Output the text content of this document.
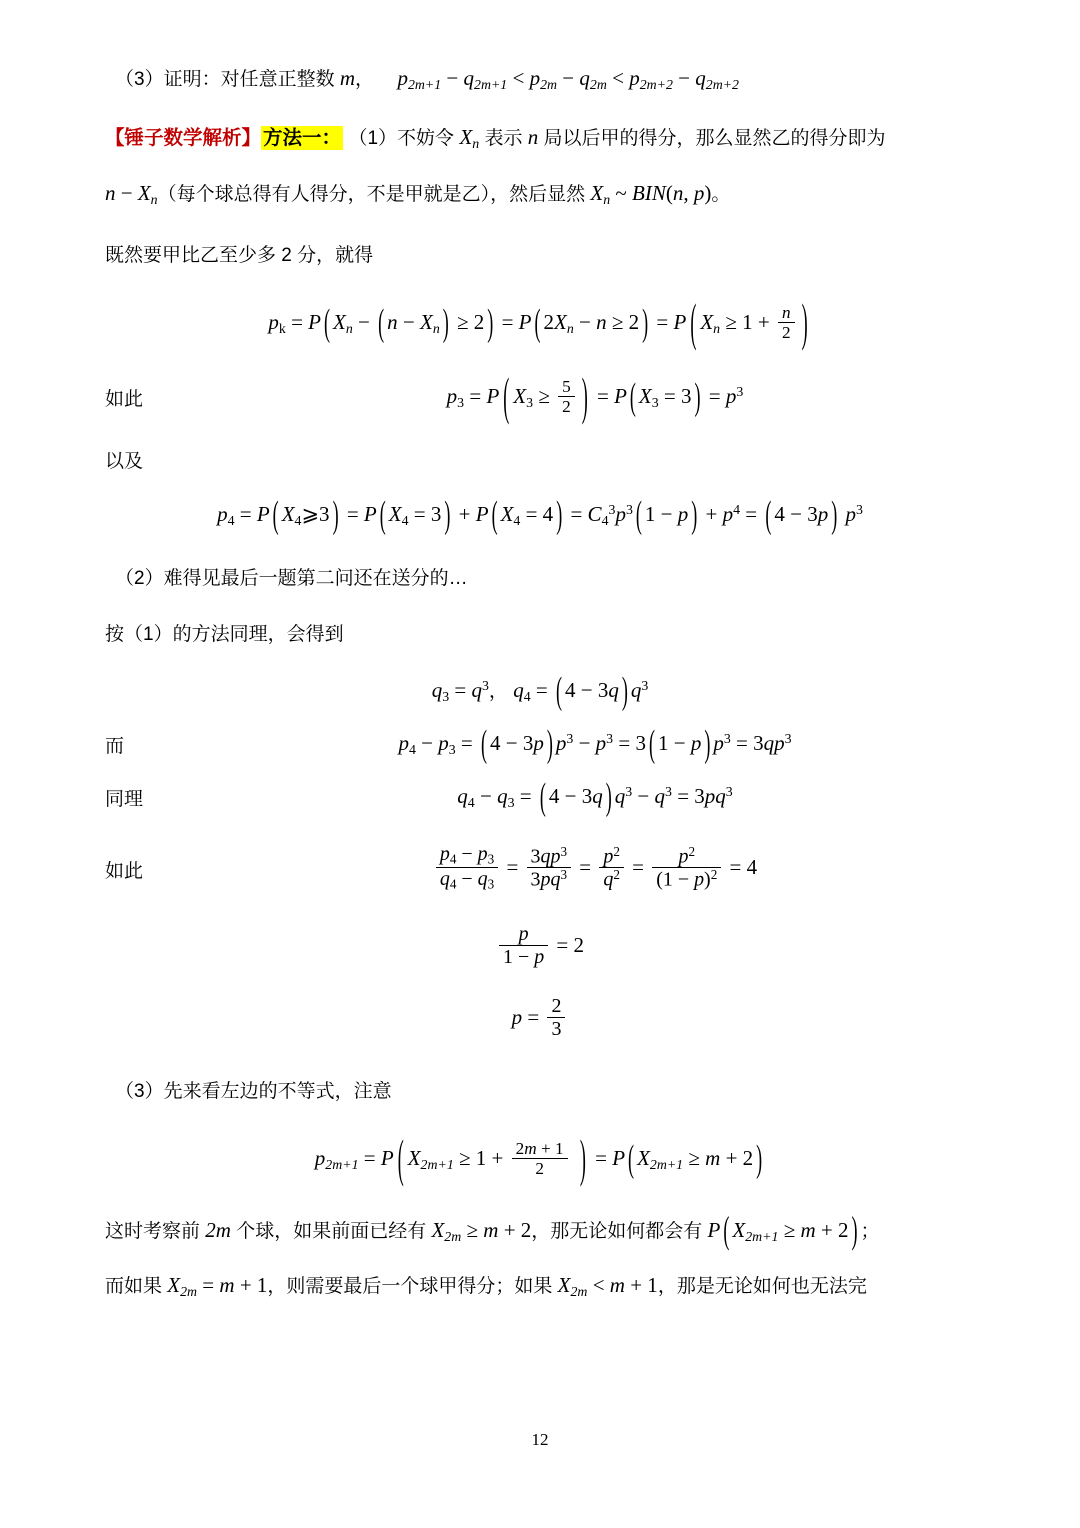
（3）证明：对任意正整数 m， $p_{2m+1} - q_{2m+1} < p_{2m} - q_{2m} < p_{2m+2} - q_{2m+2}$
【锤子数学解析】 方法一： （1）不妨令 $X_n$ 表示 n 局以后甲的得分，那么显然乙的得分即为
$n - X_n$（每个球总得有人得分，不是甲就是乙），然后显然 $X_n$ ~ BIN(n, p)。
既然要甲比乙至少多 2 分，就得
$p_k = P$ ( $X_n$ − ( $n - X_n$ ) ≥ 2 ) = P ( $2X_n - n \ge 2$ ) = P ( $X_n \ge 1 + \frac{n}{2}$ )
如此	$p_3 = P$ ( $X_3 \ge \frac{5}{2}$ ) = P ( $X_3 = 3$ ) = $p^3$
以及
$p_4 = P$ ( $X_4⩾3$ ) = P ( $X_4 = 3$ ) + P ( $X_4 = 4$ ) = $C_4^3p^3$ ( 1 − p ) + $p^4$ = ( 4 − 3p ) $p^3$
（2）难得见最后一题第二问还在送分的…
按（1）的方法同理，会得到
$q_3 = q^3$， $q_4$ = ( 4 − 3q ) $q^3$
而	$p_4 - p_3$ = ( 4 − 3p ) $p^3 - p^3 = 3$ ( 1 − p ) $p^3 = 3qp^3$
同理	$q_4 - q_3$ = ( 4 − 3q ) $q^3 - q^3 = 3pq^3$
如此	$\frac{p_4 - p_3}{q_4 - q_3} = \frac{3qp^3}{3pq^3} = \frac{p^2}{q^2} = \frac{p^2}{(1 - p)^2} = 4$
$\frac{p}{1 - p} = 2$
$p = \frac{2}{3}$
（3）先来看左边的不等式，注意
$p_{2m+1} = P$ ( $X_{2m+1} \ge 1 + \frac{2m + 1}{2}$ ) = P ( $X_{2m+1} \ge m + 2$ )
这时考察前 2m 个球，如果前面已经有 $X_{2m} \ge m + 2$，那无论如何都会有 P ( $X_{2m+1} \ge m + 2$ ) ；
而如果 $X_{2m} = m + 1$，则需要最后一个球甲得分；如果 $X_{2m} < m + 1$，那是无论如何也无法完
12
